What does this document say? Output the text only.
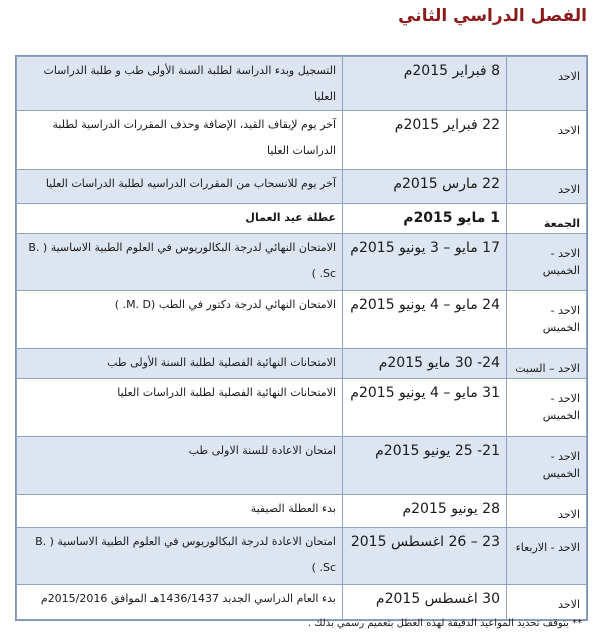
الفصل الدراسي الثاني
الاحد	8 فبراير 2015م	التسجيل وبدء الدراسة لطلبة السنة الأولى طب و طلبة الدراسات العليا
الاحد	22 فبراير 2015م	آخر يوم لإيقاف القيد، الإضافة وحذف المقررات الدراسية لطلبة الدراسات العليا
الاحد	22 مارس 2015م	آخر يوم للانسحاب من المقررات الدراسيه لطلبة الدراسات العليا
الجمعة	1 مايو 2015م	عطلة عيد العمال
الاحد - الخميس	17 مايو – 3 يونيو 2015م	الامتحان النهائي لدرجة البكالوريوس في العلوم الطبية الاساسية ( B. Sc. )
الاحد - الخميس	24 مايو – 4 يونيو 2015م	الامتحان النهائي لدرجة دكتور في الطب (M. D. )
الاحد – السبت	24- 30 مايو 2015م	الامتحانات النهائية الفصلية لطلبة السنة الأولى طب
الاحد - الخميس	31 مايو – 4 يونيو 2015م	الامتحانات النهائية الفصلية لطلبة الدراسات العليا
الاحد - الخميس	21- 25 يونيو 2015م	امتحان الاعادة للسنة الاولى طب
الاحد	28 يونيو 2015م	بدء العطلة الصيفية
الاحد - الاربعاء	23 – 26 اغسطس 2015	امتحان الاعادة لدرجة البكالوريوس في العلوم الطبية الاساسية ( B. Sc. )
الاحد	30 اغسطس 2015م	بدء العام الدراسي الجديد 1436/1437هـ الموافق 2015/2016م

** يتوقف تحديد المواعيد الدقيقة لهذه العطل بتعميم رسمي بذلك .
